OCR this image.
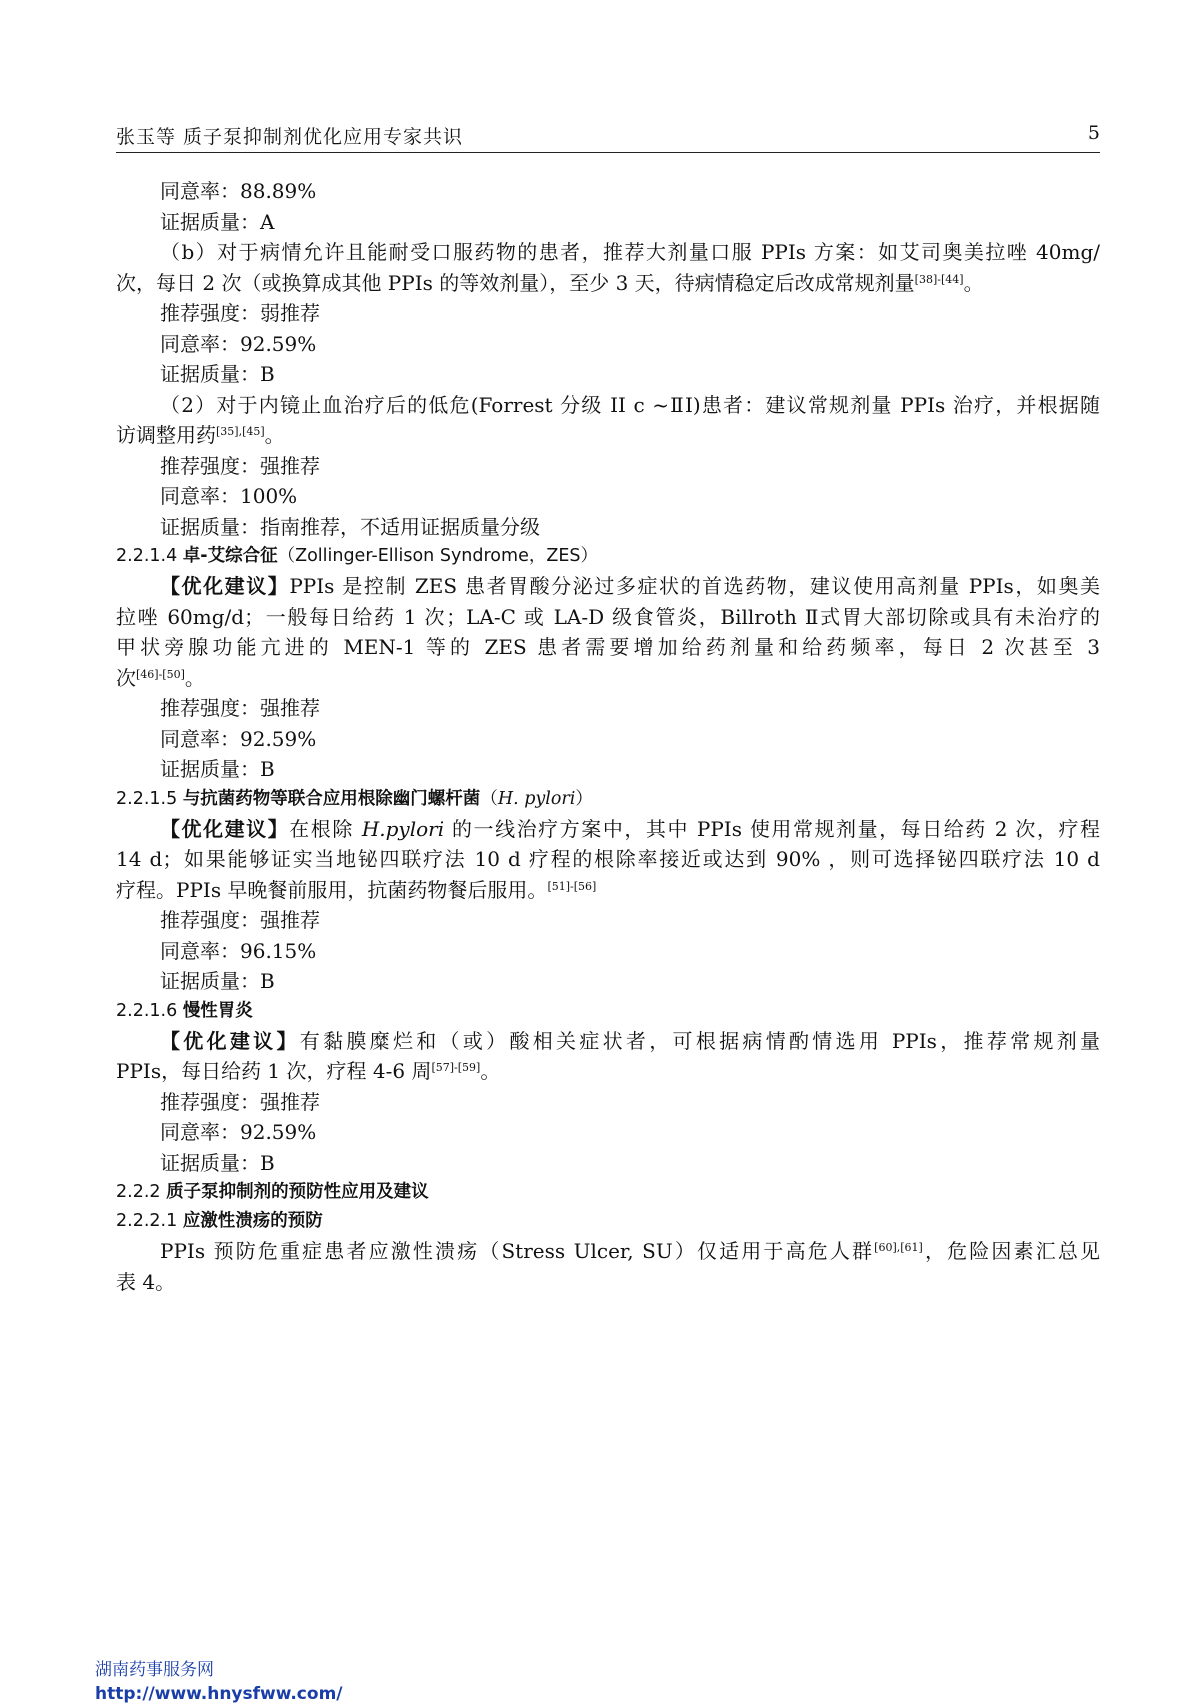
张玉等 质子泵抑制剂优化应用专家共识	5
同意率：88.89%
证据质量：A
（b）对于病情允许且能耐受口服药物的患者，推荐大剂量口服 PPIs 方案：如艾司奥美拉唑 40mg/
次，每日 2 次（或换算成其他 PPIs 的等效剂量），至少 3 天，待病情稳定后改成常规剂量[38]-[44]。
推荐强度：弱推荐
同意率：92.59%
证据质量：B
（2）对于内镜止血治疗后的低危(Forrest 分级 II c ~ⅡI)患者：建议常规剂量 PPIs 治疗，并根据随
访调整用药[35],[45]。
推荐强度：强推荐
同意率：100%
证据质量：指南推荐，不适用证据质量分级
2.2.1.4 卓-艾综合征（Zollinger-Ellison Syndrome，ZES）
【优化建议】PPIs 是控制 ZES 患者胃酸分泌过多症状的首选药物，建议使用高剂量 PPIs，如奥美
拉唑 60mg/d；一般每日给药 1 次；LA-C 或 LA-D 级食管炎，Billroth Ⅱ式胃大部切除或具有未治疗的
甲状旁腺功能亢进的 MEN-1 等的 ZES 患者需要增加给药剂量和给药频率，每日 2 次甚至 3
次[46]-[50]。
推荐强度：强推荐
同意率：92.59%
证据质量：B
2.2.1.5 与抗菌药物等联合应用根除幽门螺杆菌（H. pylori）
【优化建议】在根除 H.pylori 的一线治疗方案中，其中 PPIs 使用常规剂量，每日给药 2 次，疗程
14 d；如果能够证实当地铋四联疗法 10 d 疗程的根除率接近或达到 90% ，则可选择铋四联疗法 10 d
疗程。PPIs 早晚餐前服用，抗菌药物餐后服用。[51]-[56]
推荐强度：强推荐
同意率：96.15%
证据质量：B
2.2.1.6 慢性胃炎
【优化建议】有黏膜糜烂和（或）酸相关症状者，可根据病情酌情选用 PPIs，推荐常规剂量
PPIs，每日给药 1 次，疗程 4-6 周[57]-[59]。
推荐强度：强推荐
同意率：92.59%
证据质量：B
2.2.2 质子泵抑制剂的预防性应用及建议
2.2.2.1 应激性溃疡的预防
PPIs 预防危重症患者应激性溃疡（Stress Ulcer, SU）仅适用于高危人群[60],[61]，危险因素汇总见
表 4。
湖南药事服务网
http://www.hnysfww.com/
